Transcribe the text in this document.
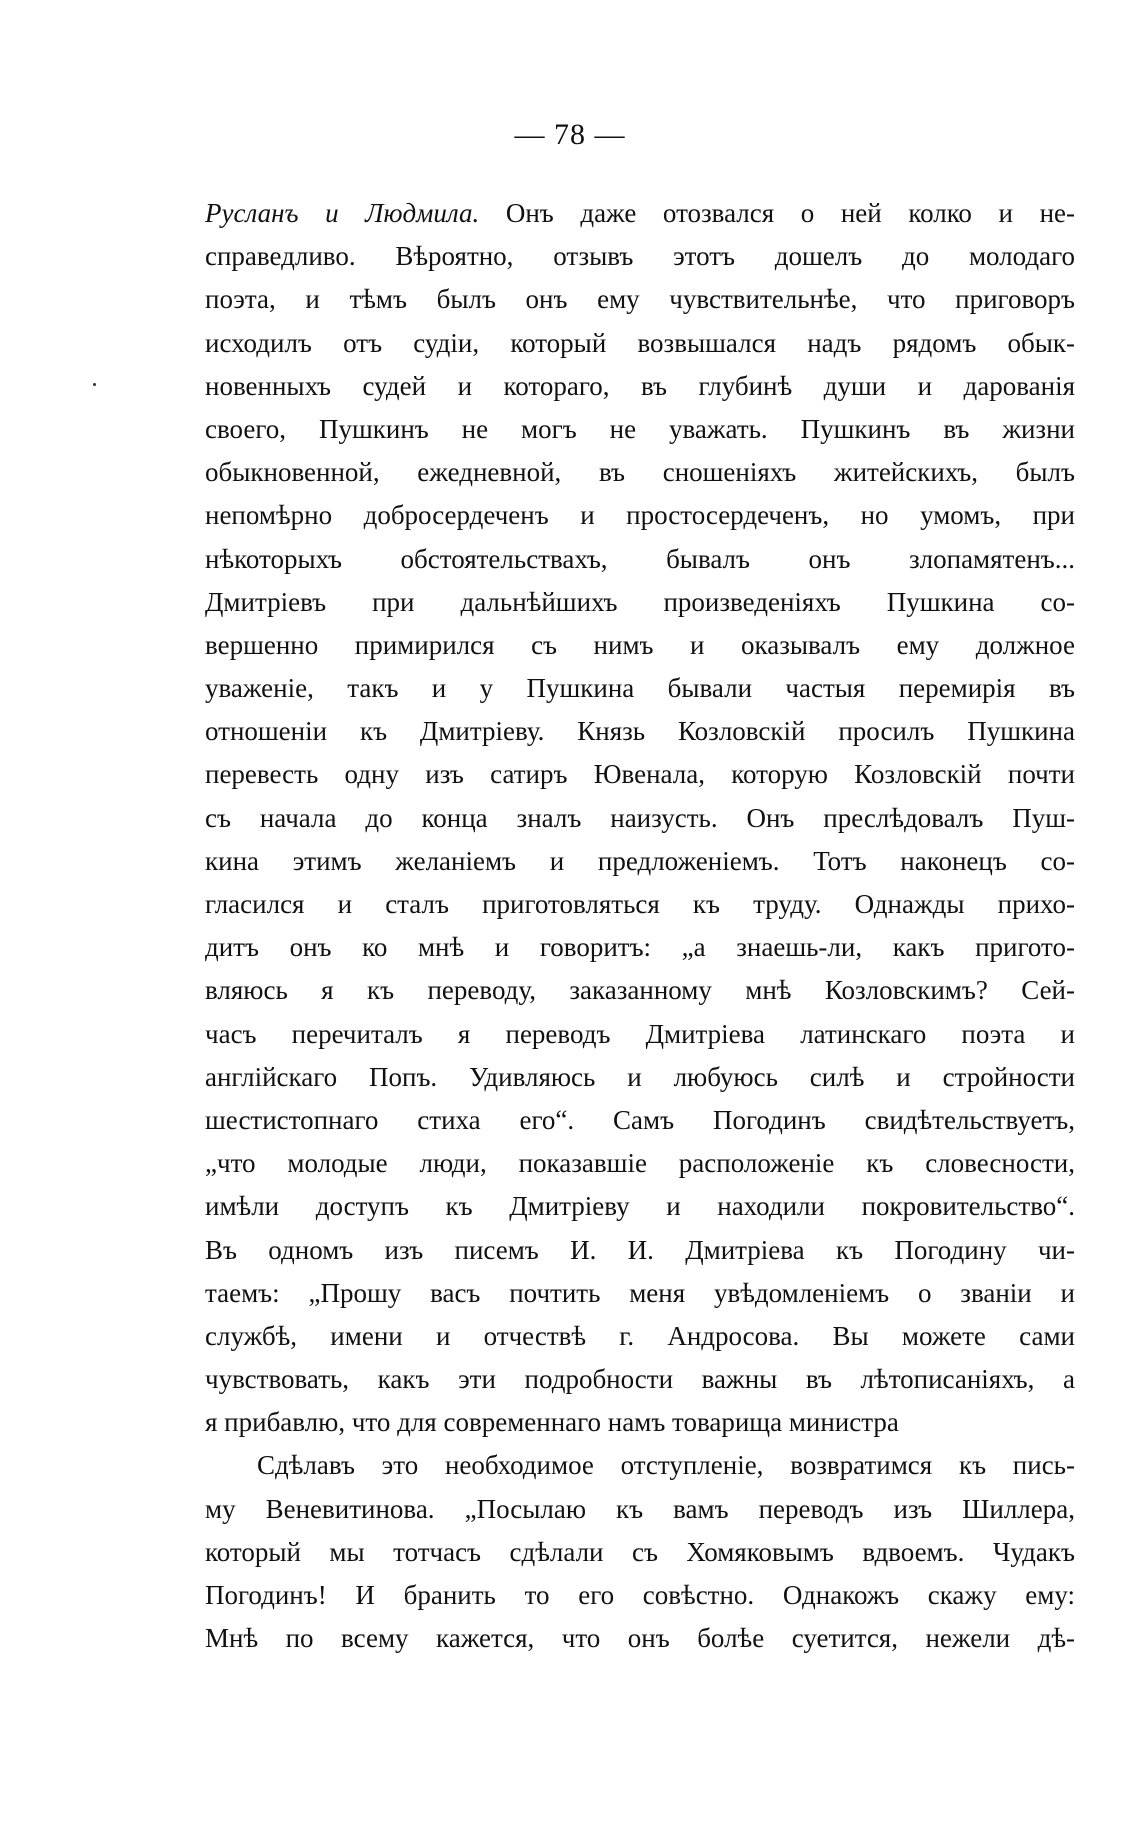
— 78 —
Русланъ и Людмила. Онъ даже отозвался о ней колко и не-
справедливо. Вѣроятно, отзывъ этотъ дошелъ до молодаго
поэта, и тѣмъ былъ онъ ему чувствительнѣе, что приговоръ
исходилъ отъ судіи, который возвышался надъ рядомъ обык-
новенныхъ судей и котораго, въ глубинѣ души и дарованія
своего, Пушкинъ не могъ не уважать. Пушкинъ въ жизни
обыкновенной, ежедневной, въ сношеніяхъ житейскихъ, былъ
непомѣрно добросердеченъ и простосердеченъ, но умомъ, при
нѣкоторыхъ обстоятельствахъ, бывалъ онъ злопамятенъ...
Дмитріевъ при дальнѣйшихъ произведеніяхъ Пушкина со-
вершенно примирился съ нимъ и оказывалъ ему должное
уваженіе, такъ и у Пушкина бывали частыя перемирія въ
отношеніи къ Дмитріеву. Князь Козловскій просилъ Пушкина
перевесть одну изъ сатиръ Ювенала, которую Козловскій почти
съ начала до конца зналъ наизусть. Онъ преслѣдовалъ Пуш-
кина этимъ желаніемъ и предложеніемъ. Тотъ наконецъ со-
гласился и сталъ приготовляться къ труду. Однажды прихо-
дитъ онъ ко мнѣ и говоритъ: „а знаешь-ли, какъ пригото-
вляюсь я къ переводу, заказанному мнѣ Козловскимъ? Сей-
часъ перечиталъ я переводъ Дмитріева латинскаго поэта и
англійскаго Попъ. Удивляюсь и любуюсь силѣ и стройности
шестистопнаго стиха его“. Самъ Погодинъ свидѣтельствуетъ,
„что молодые люди, показавшіе расположеніе къ словесности,
имѣли доступъ къ Дмитріеву и находили покровительство“.
Въ одномъ изъ писемъ И. И. Дмитріева къ Погодину чи-
таемъ: „Прошу васъ почтить меня увѣдомленіемъ о званіи и
службѣ, имени и отчествѣ г. Андросова. Вы можете сами
чувствовать, какъ эти подробности важны въ лѣтописаніяхъ, а
я прибавлю, что для современнаго намъ товарища министра
Сдѣлавъ это необходимое отступленіе, возвратимся къ пись-
му Веневитинова. „Посылаю къ вамъ переводъ изъ Шиллера,
который мы тотчасъ сдѣлали съ Хомяковымъ вдвоемъ. Чудакъ
Погодинъ! И бранить то его совѣстно. Однакожъ скажу ему:
Мнѣ по всему кажется, что онъ болѣе суетится, нежели дѣ-
